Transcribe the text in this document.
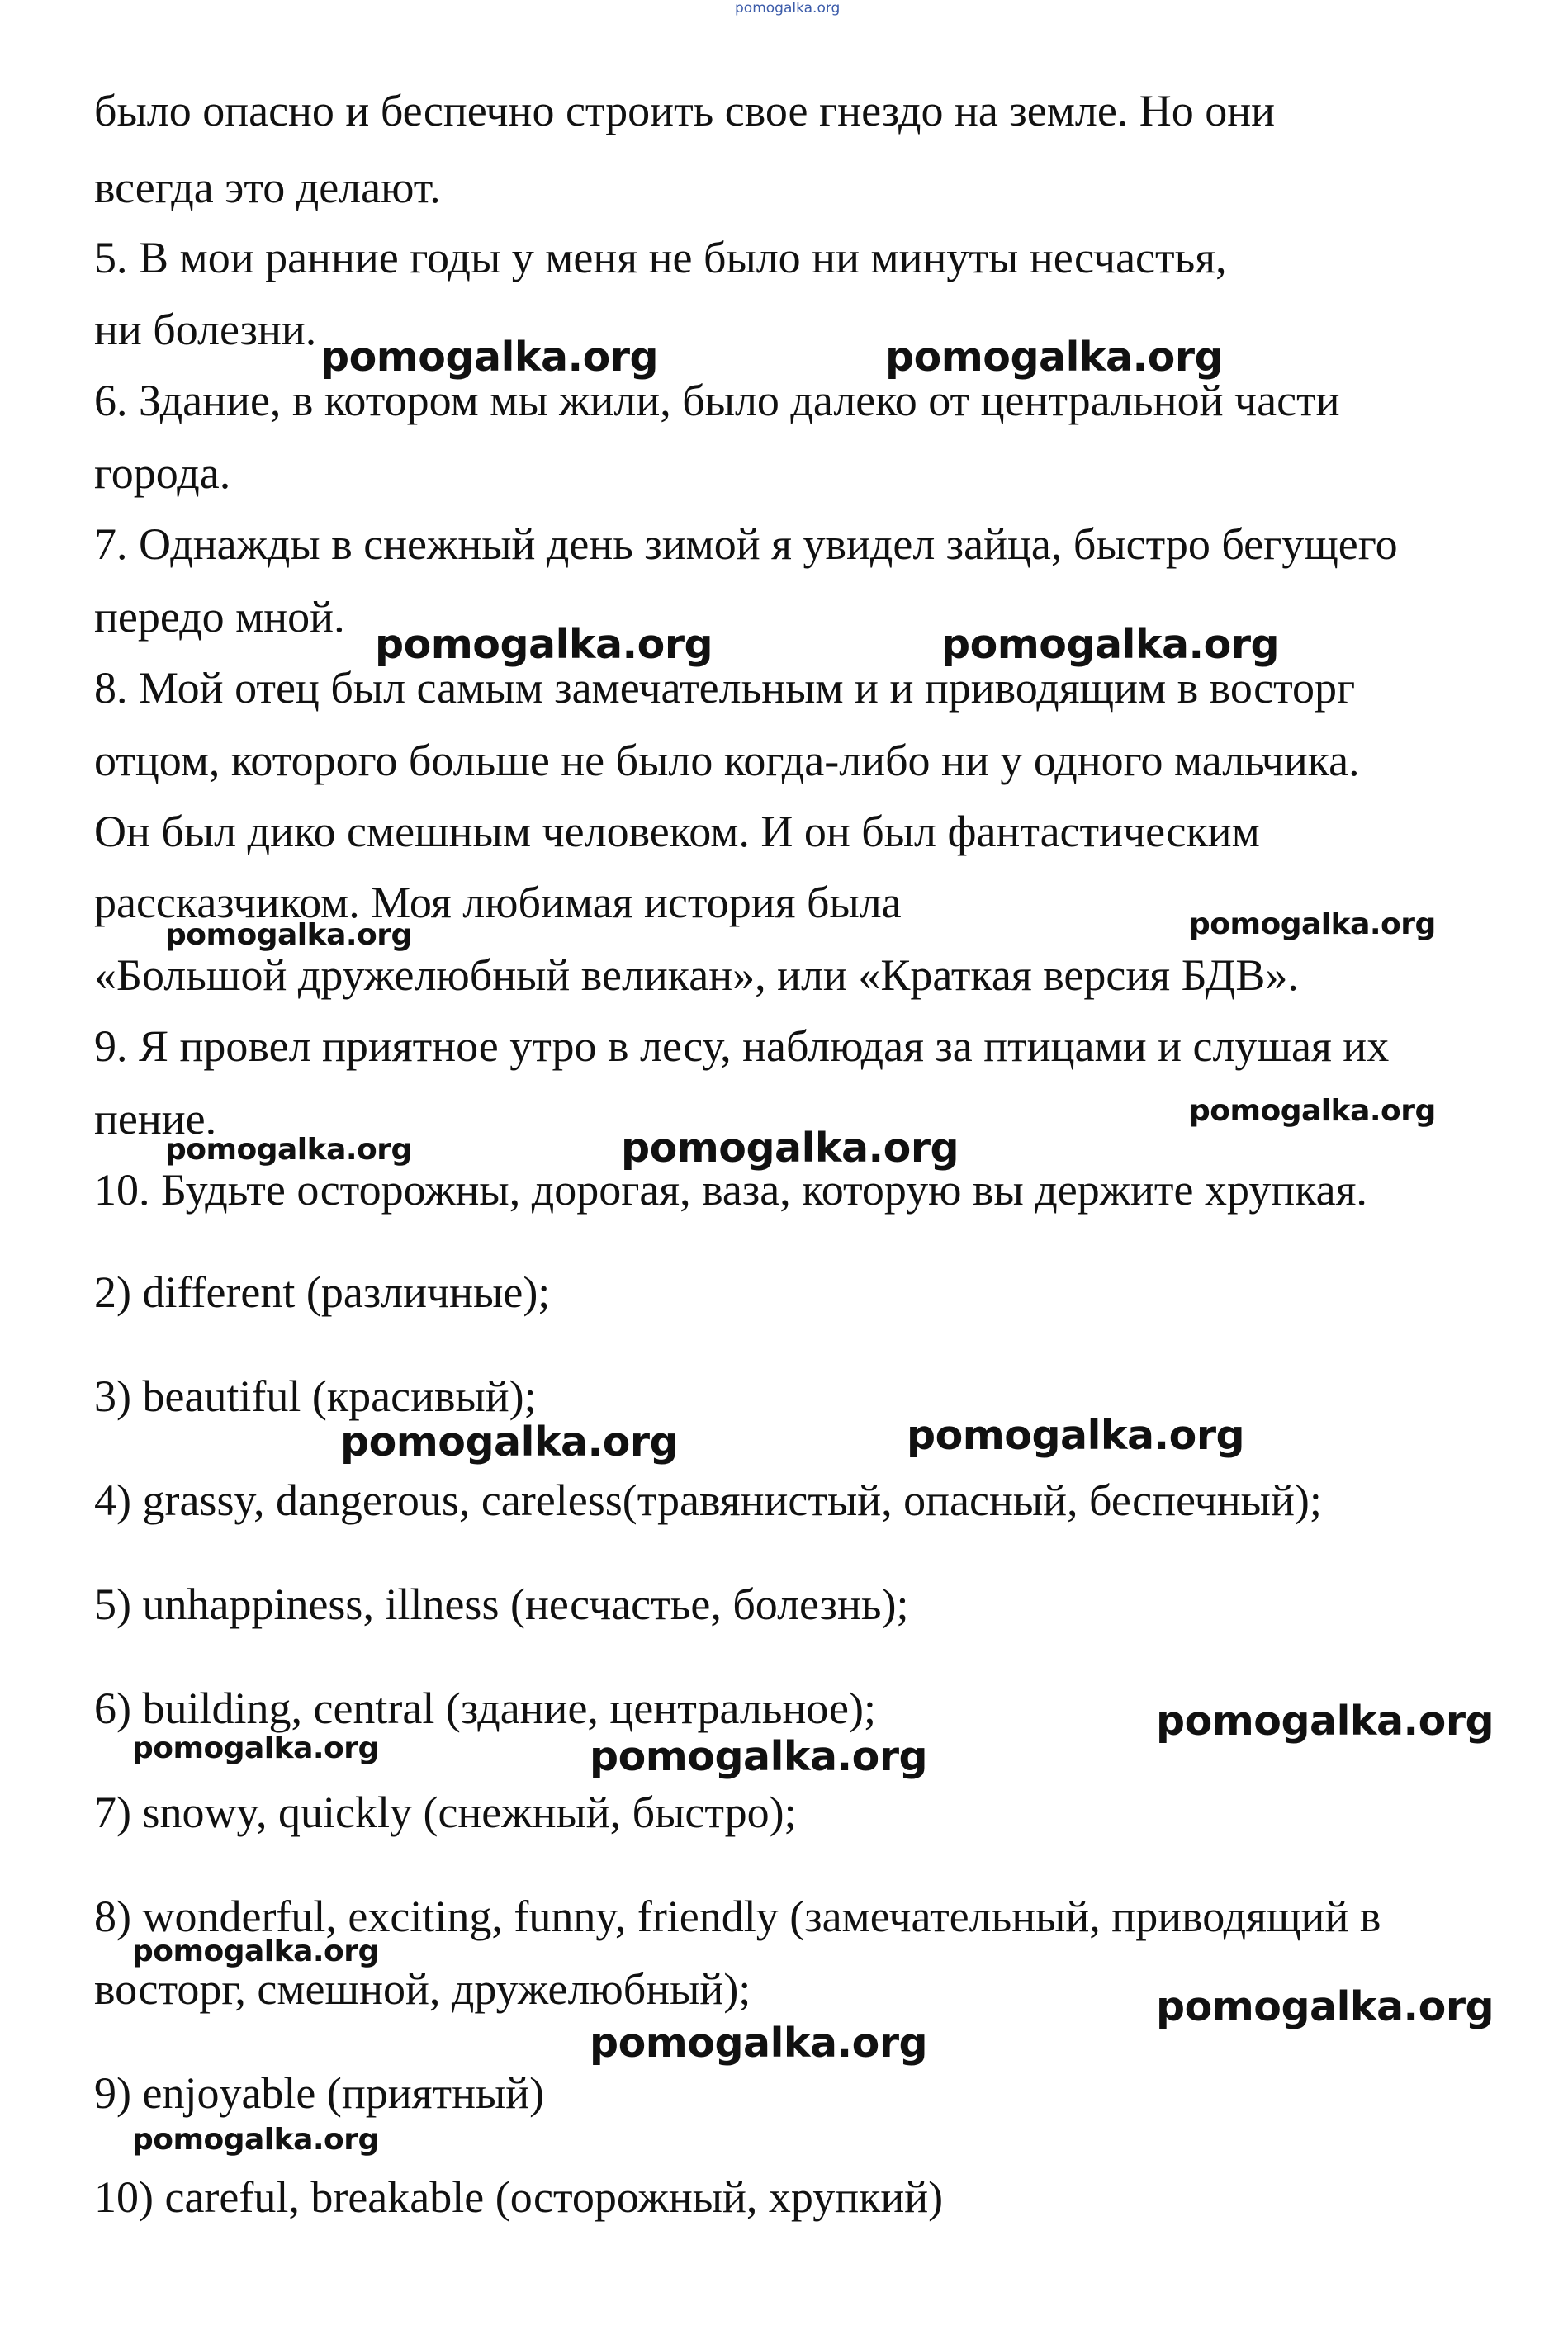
pomogalka.org

было опасно и беспечно строить свое гнездо на земле. Но они

всегда это делают.

5. В мои ранние годы у меня не было ни минуты несчастья,

ни болезни.

6. Здание, в котором мы жили, было далеко от центральной части

города.

7. Однажды в снежный день зимой я увидел зайца, быстро бегущего

передо мной.

8. Мой отец был самым замечательным и и приводящим в восторг

отцом, которого больше не было когда-либо ни у одного мальчика.

Он был дико смешным человеком. И он был фантастическим

рассказчиком. Моя любимая история была

«Большой дружелюбный великан», или «Краткая версия БДВ».

9. Я провел приятное утро в лесу, наблюдая за птицами и слушая их

пение.

10. Будьте осторожны, дорогая, ваза, которую вы держите хрупкая.

2) different (различные);

3) beautiful (красивый);

4) grassy, dangerous, careless(травянистый, опасный, беспечный);

5) unhappiness, illness (несчастье, болезнь);

6) building, central (здание, центральное);

7) snowy, quickly (снежный, быстро);

8) wonderful, exciting, funny, friendly (замечательный, приводящий в

восторг, смешной, дружелюбный);

9) enjoyable (приятный)

10) careful, breakable (осторожный, хрупкий)

pomogalka.org	pomogalka.org
pomogalka.org	pomogalka.org
pomogalka.org	pomogalka.org
pomogalka.org
pomogalka.org	pomogalka.org
pomogalka.org	pomogalka.org
pomogalka.org
pomogalka.org	pomogalka.org
pomogalka.org
pomogalka.org
pomogalka.org
pomogalka.org
